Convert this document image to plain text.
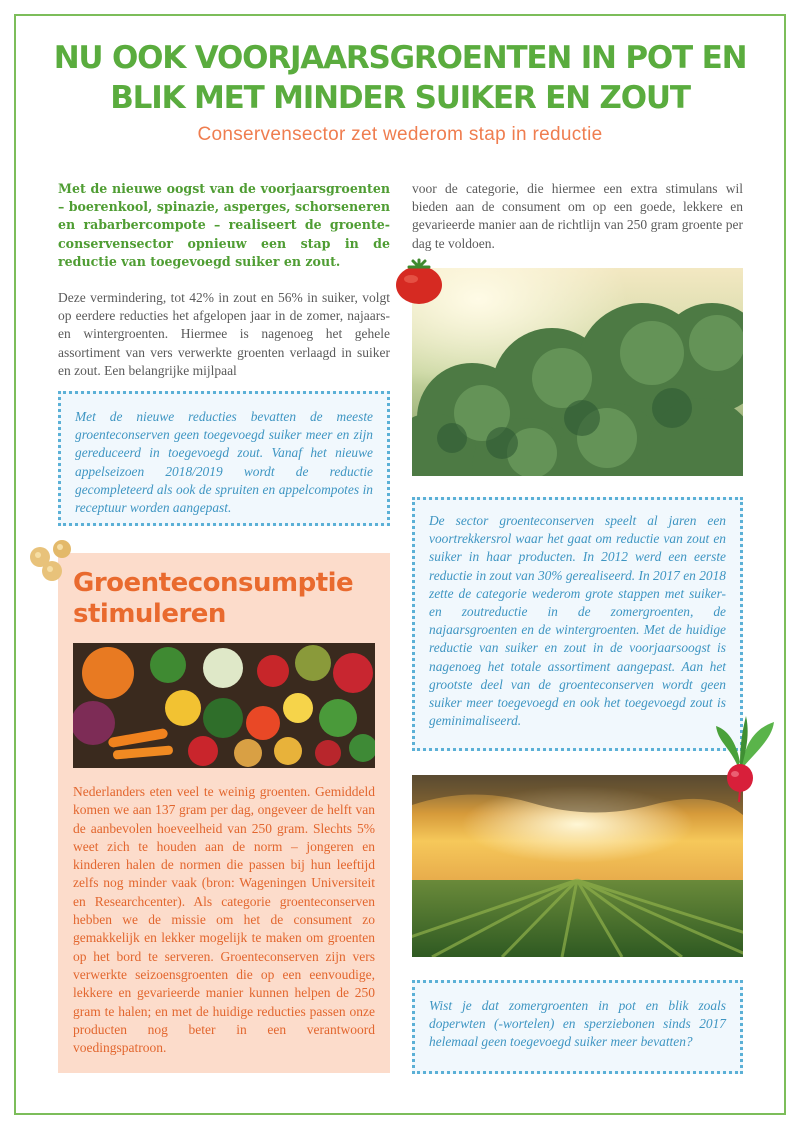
NU OOK VOORJAARSGROENTEN IN POT EN BLIK MET MINDER SUIKER EN ZOUT
Conservensector zet wederom stap in reductie

Met de nieuwe oogst van de voorjaarsgroenten – boerenkool, spinazie, asperges, schorseneren en rabarbercompote – realiseert de groente-conservensector opnieuw een stap in de reductie van toegevoegd suiker en zout.

Deze vermindering, tot 42% in zout en 56% in suiker, volgt op eerdere reducties het afgelopen jaar in de zomer, najaars- en wintergroenten. Hiermee is nagenoeg het gehele assortiment van vers verwerkte groenten verlaagd in suiker en zout. Een belangrijke mijlpaal

Met de nieuwe reducties bevatten de meeste groenteconserven geen toegevoegd suiker meer en zijn gereduceerd in toegevoegd zout. Vanaf het nieuwe appelseizoen 2018/2019 wordt de reductie gecompleteerd als ook de spruiten en appelcompotes in receptuur worden aangepast.

voor de categorie, die hiermee een extra stimulans wil bieden aan de consument om op een goede, lekkere en gevarieerde manier aan de richtlijn van 250 gram groente per dag te voldoen.

De sector groenteconserven speelt al jaren een voortrekkersrol waar het gaat om reductie van zout en suiker in haar producten. In 2012 werd een eerste reductie in zout van 30% gerealiseerd. In 2017 en 2018 zette de categorie wederom grote stappen met suiker- en zoutreductie in de zomergroenten, de najaarsgroenten en de wintergroenten. Met de huidige reductie van suiker en zout in de voorjaarsoogst is nagenoeg het totale assortiment aangepast. Aan het grootste deel van de groenteconserven wordt geen suiker meer toegevoegd en ook het toegevoegd zout is geminimaliseerd.
Wist je dat zomergroenten in pot en blik zoals doperwten (-wortelen) en sperziebonen sinds 2017 helemaal geen toegevoegd suiker meer bevatten?
Groenteconsumptie stimuleren

Nederlanders eten veel te weinig groenten. Gemiddeld komen we aan 137 gram per dag, ongeveer de helft van de aanbevolen hoeveelheid van 250 gram. Slechts 5% weet zich te houden aan de norm – jongeren en kinderen halen de normen die passen bij hun leeftijd zelfs nog minder vaak (bron: Wageningen Universiteit en Researchcenter). Als categorie groenteconserven hebben we de missie om het de consument zo gemakkelijk en lekker mogelijk te maken om groenten op het bord te serveren. Groenteconserven zijn vers verwerkte seizoensgroenten die op een eenvoudige, lekkere en gevarieerde manier kunnen helpen de 250 gram te halen; en met de huidige reducties passen onze producten nog beter in een verantwoord voedingspatroon.
